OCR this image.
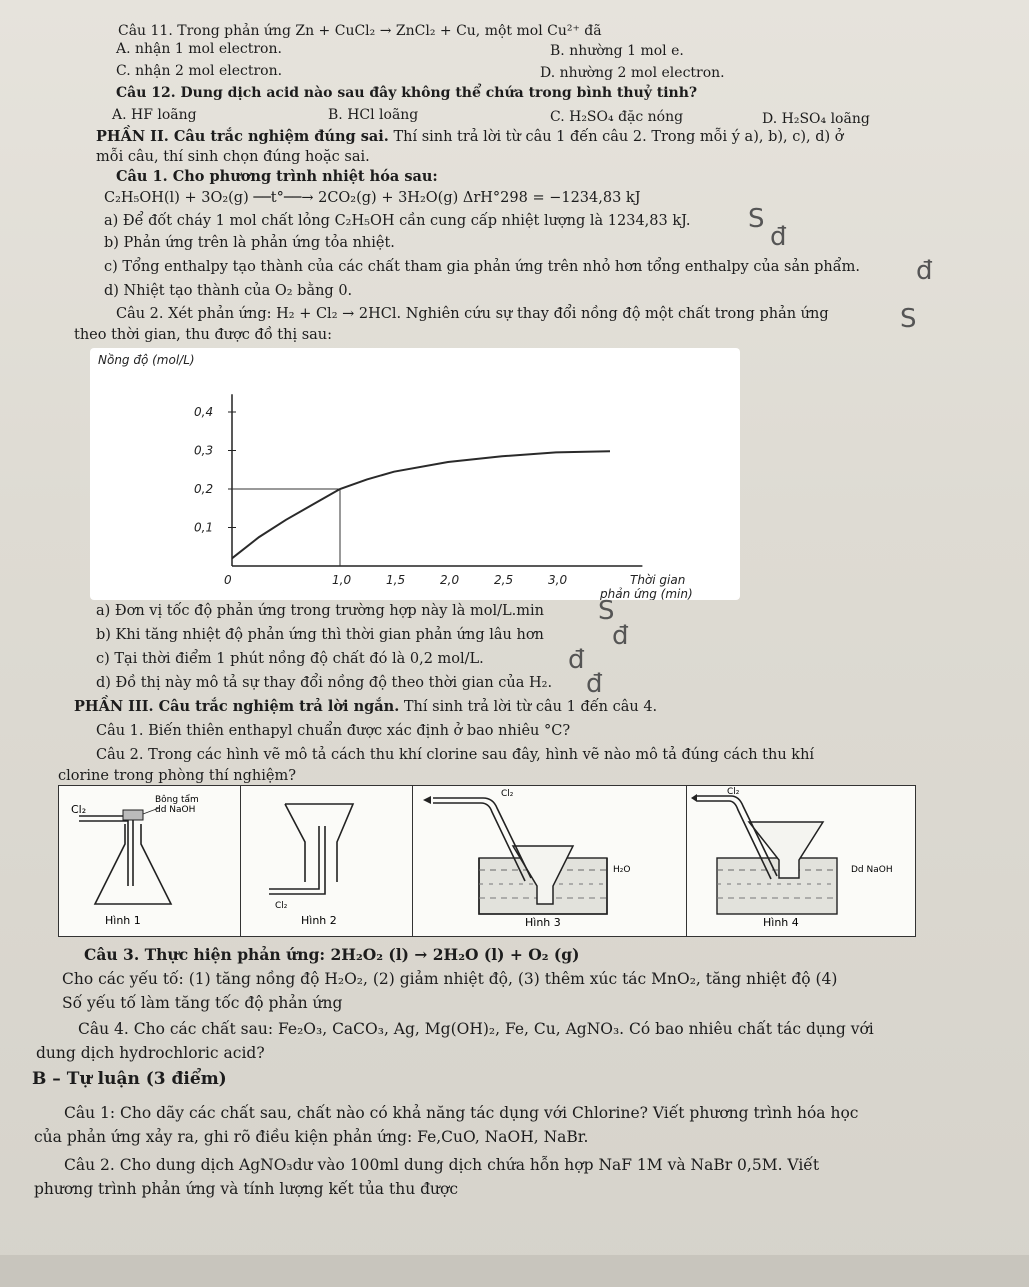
Câu 11. Trong phản ứng Zn + CuCl₂ → ZnCl₂ + Cu, một mol Cu²⁺ đã
A. nhận 1 mol electron.	B. nhường 1 mol e.
C. nhận 2 mol electron.	D. nhường 2 mol electron.
Câu 12. Dung dịch acid nào sau đây không thể chứa trong bình thuỷ tinh?
A. HF loãng	B. HCl loãng	C. H₂SO₄ đặc nóng	D. H₂SO₄ loãng
PHẦN II. Câu trắc nghiệm đúng sai. Thí sinh trả lời từ câu 1 đến câu 2. Trong mỗi ý a), b), c), d) ở
mỗi câu, thí sinh chọn đúng hoặc sai.
Câu 1. Cho phương trình nhiệt hóa sau:
C₂H₅OH(l) + 3O₂(g) ──t°──→ 2CO₂(g) + 3H₂O(g) ΔrH°298 = −1234,83 kJ
a) Để đốt cháy 1 mol chất lỏng C₂H₅OH cần cung cấp nhiệt lượng là 1234,83 kJ.
b) Phản ứng trên là phản ứng tỏa nhiệt.
c) Tổng enthalpy tạo thành của các chất tham gia phản ứng trên nhỏ hơn tổng enthalpy của sản phẩm.
d) Nhiệt tạo thành của O₂ bằng 0.
Câu 2. Xét phản ứng: H₂ + Cl₂ → 2HCl. Nghiên cứu sự thay đổi nồng độ một chất trong phản ứng
theo thời gian, thu được đồ thị sau:
Nồng độ (mol/L)
0,1
0,2
0,3
0,4
0	1,0	1,5	2,0	2,5	3,0	Thời gian
phản ứng (min)
a) Đơn vị tốc độ phản ứng trong trường hợp này là mol/L.min
b) Khi tăng nhiệt độ phản ứng thì thời gian phản ứng lâu hơn
c) Tại thời điểm 1 phút nồng độ chất đó là 0,2 mol/L.
d) Đồ thị này mô tả sự thay đổi nồng độ theo thời gian của H₂.
S
đ
đ
đ
S
đ
đ
S
PHẦN III. Câu trắc nghiệm trả lời ngắn. Thí sinh trả lời từ câu 1 đến câu 4.
Câu 1. Biến thiên enthapyl chuẩn được xác định ở bao nhiêu °C?
Câu 2. Trong các hình vẽ mô tả cách thu khí clorine sau đây, hình vẽ nào mô tả đúng cách thu khí
clorine trong phòng thí nghiệm?
Cl₂
Bông tẩm
dd NaOH
Hình 1
Cl₂
Hình 2
Cl₂
H₂O
Hình 3
Cl₂
Dd NaOH
Hình 4
Câu 3. Thực hiện phản ứng: 2H₂O₂ (l) → 2H₂O (l) + O₂ (g)
Cho các yếu tố: (1) tăng nồng độ H₂O₂, (2) giảm nhiệt độ, (3) thêm xúc tác MnO₂, tăng nhiệt độ (4)
Số yếu tố làm tăng tốc độ phản ứng
Câu 4. Cho các chất sau: Fe₂O₃, CaCO₃, Ag, Mg(OH)₂, Fe, Cu, AgNO₃. Có bao nhiêu chất tác dụng với
dung dịch hydrochloric acid?
B – Tự luận (3 điểm)
Câu 1: Cho dãy các chất sau, chất nào có khả năng tác dụng với Chlorine? Viết phương trình hóa học
của phản ứng xảy ra, ghi rõ điều kiện phản ứng: Fe,CuO, NaOH, NaBr.
Câu 2. Cho dung dịch AgNO₃dư vào 100ml dung dịch chứa hỗn hợp NaF 1M và NaBr 0,5M. Viết
phương trình phản ứng và tính lượng kết tủa thu được
